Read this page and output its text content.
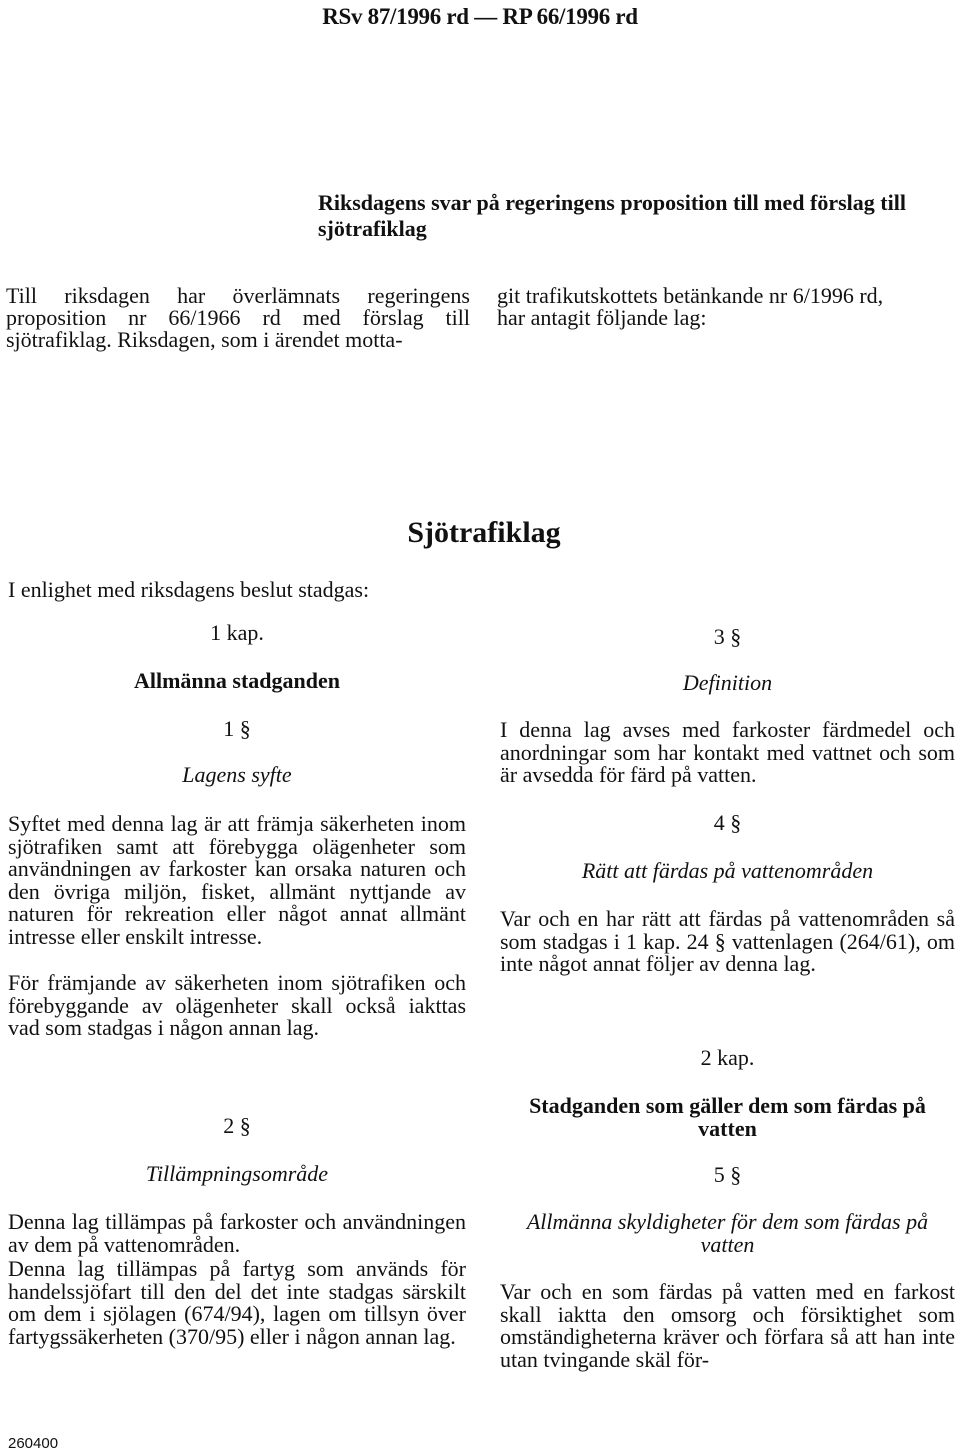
RSv 87/1996 rd — RP 66/1996 rd
Riksdagens svar på regeringens proposition till med förslag till sjötrafiklag
Till riksdagen har överlämnats regeringens
proposition nr 66/1966 rd med förslag till
sjötrafiklag. Riksdagen, som i ärendet motta-
git trafikutskottets betänkande nr 6/1996 rd,
har antagit följande lag:
Sjötrafiklag
I enlighet med riksdagens beslut stadgas:
1 kap.
Allmänna stadganden
1 §
Lagens syfte
Syftet med denna lag är att främja säkerheten inom sjötrafiken samt att förebygga olägenheter som användningen av farkoster kan orsaka naturen och den övriga miljön, fisket, allmänt nyttjande av naturen för rekreation eller något annat allmänt intresse eller enskilt intresse.
För främjande av säkerheten inom sjötrafiken och förebyggande av olägenheter skall också iakttas vad som stadgas i någon annan lag.
2 §
Tillämpningsområde
Denna lag tillämpas på farkoster och användningen av dem på vattenområden.
Denna lag tillämpas på fartyg som används för handelssjöfart till den del det inte stadgas särskilt om dem i sjölagen (674/94), lagen om tillsyn över fartygssäkerheten (370/95) eller i någon annan lag.
3 §
Definition
I denna lag avses med farkoster färdmedel och anordningar som har kontakt med vattnet och som är avsedda för färd på vatten.
4 §
Rätt att färdas på vattenområden
Var och en har rätt att färdas på vattenområden så som stadgas i 1 kap. 24 § vattenlagen (264/61), om inte något annat följer av denna lag.
2 kap.
Stadganden som gäller dem som färdas på vatten
5 §
Allmänna skyldigheter för dem som färdas på vatten
Var och en som färdas på vatten med en farkost skall iaktta den omsorg och försiktighet som omständigheterna kräver och förfara så att han inte utan tvingande skäl för-
260400
